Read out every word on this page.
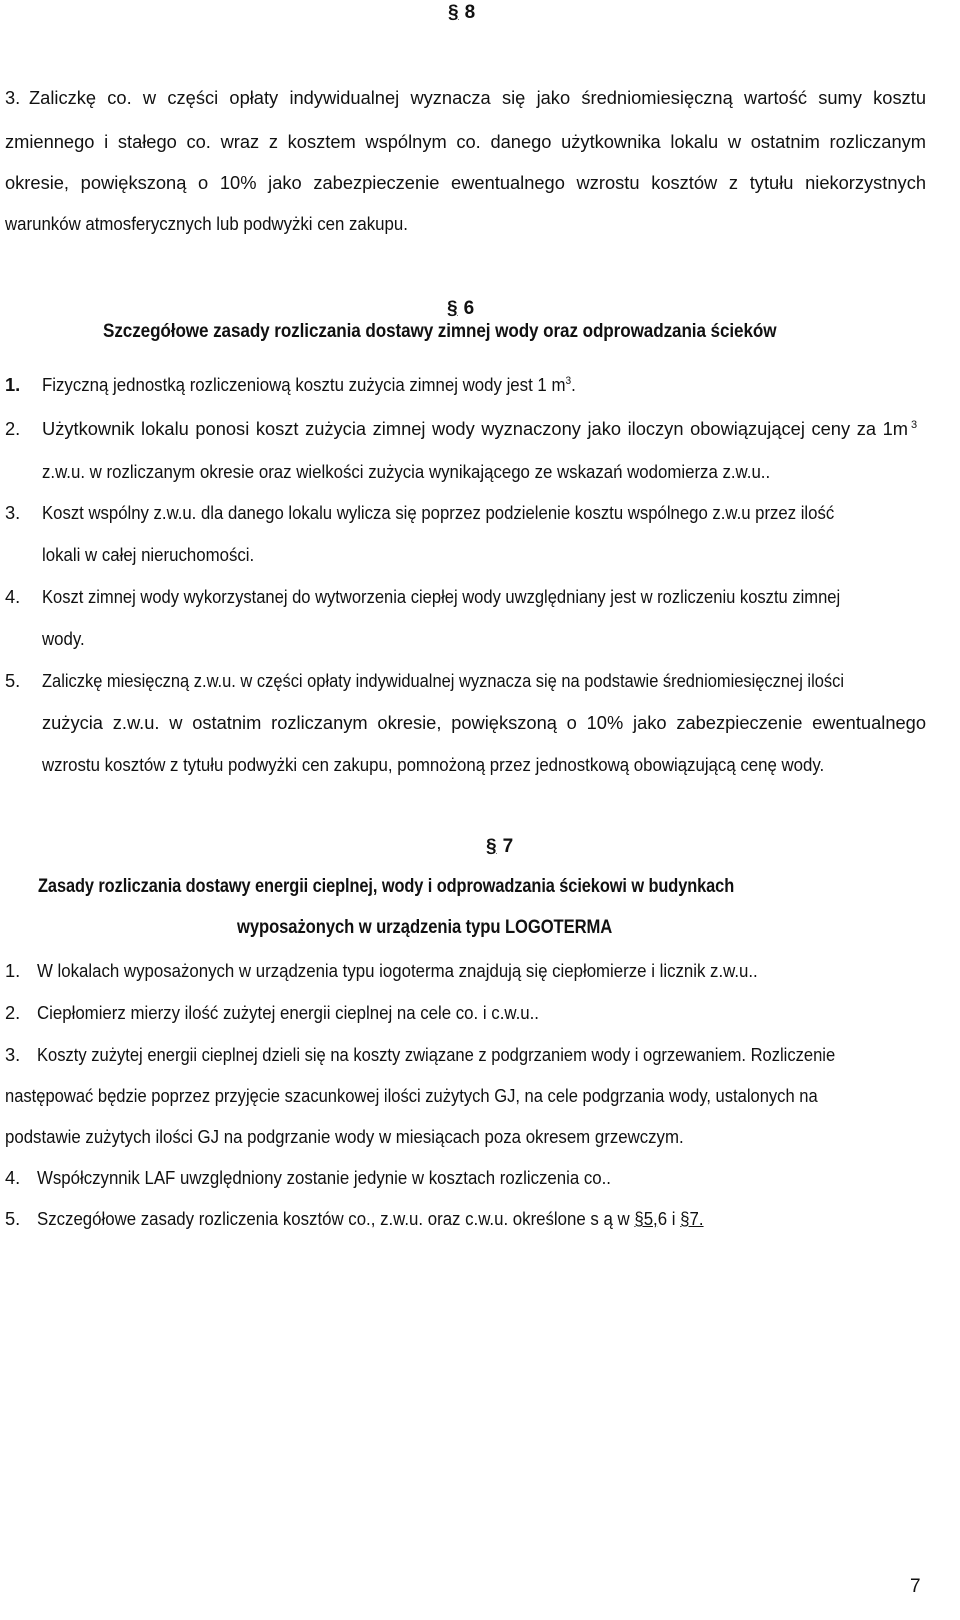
§ 8
3. Zaliczkę co. w części opłaty indywidualnej wyznacza się jako średniomiesięczną wartość sumy kosztu
zmiennego i stałego co. wraz z kosztem wspólnym co. danego użytkownika lokalu w ostatnim rozliczanym
okresie, powiększoną o 10% jako zabezpieczenie ewentualnego wzrostu kosztów z tytułu niekorzystnych
warunków atmosferycznych lub podwyżki cen zakupu.
§ 6
Szczegółowe zasady rozliczania dostawy zimnej wody oraz odprowadzania ścieków
1. Fizyczną jednostką rozliczeniową kosztu zużycia zimnej wody jest 1 $m^3$.
2. Użytkownik lokalu ponosi koszt zużycia zimnej wody wyznaczony jako iloczyn obowiązującej ceny za 1m 3
z.w.u. w rozliczanym okresie oraz wielkości zużycia wynikającego ze wskazań wodomierza z.w.u..
3. Koszt wspólny z.w.u. dla danego lokalu wylicza się poprzez podzielenie kosztu wspólnego z.w.u przez ilość
lokali w całej nieruchomości.
4. Koszt zimnej wody wykorzystanej do wytworzenia ciepłej wody uwzględniany jest w rozliczeniu kosztu zimnej
wody.
5. Zaliczkę miesięczną z.w.u. w części opłaty indywidualnej wyznacza się na podstawie średniomiesięcznej ilości
zużycia z.w.u. w ostatnim rozliczanym okresie, powiększoną o 10% jako zabezpieczenie ewentualnego
wzrostu kosztów z tytułu podwyżki cen zakupu, pomnożoną przez jednostkową obowiązującą cenę wody.
§ 7
Zasady rozliczania dostawy energii cieplnej, wody i odprowadzania ściekowi w budynkach
wyposażonych w urządzenia typu LOGOTERMA
1. W lokalach wyposażonych w urządzenia typu iogoterma znajdują się ciepłomierze i licznik z.w.u..
2. Ciepłomierz mierzy ilość zużytej energii cieplnej na cele co. i c.w.u..
3. Koszty zużytej energii cieplnej dzieli się na koszty związane z podgrzaniem wody i ogrzewaniem. Rozliczenie
następować będzie poprzez przyjęcie szacunkowej ilości zużytych GJ, na cele podgrzania wody, ustalonych na
podstawie zużytych ilości GJ na podgrzanie wody w miesiącach poza okresem grzewczym.
4. Współczynnik LAF uwzględniony zostanie jedynie w kosztach rozliczenia co..
5. Szczegółowe zasady rozliczenia kosztów co., z.w.u. oraz c.w.u. określone s ą w §5,6 i §7.
7
